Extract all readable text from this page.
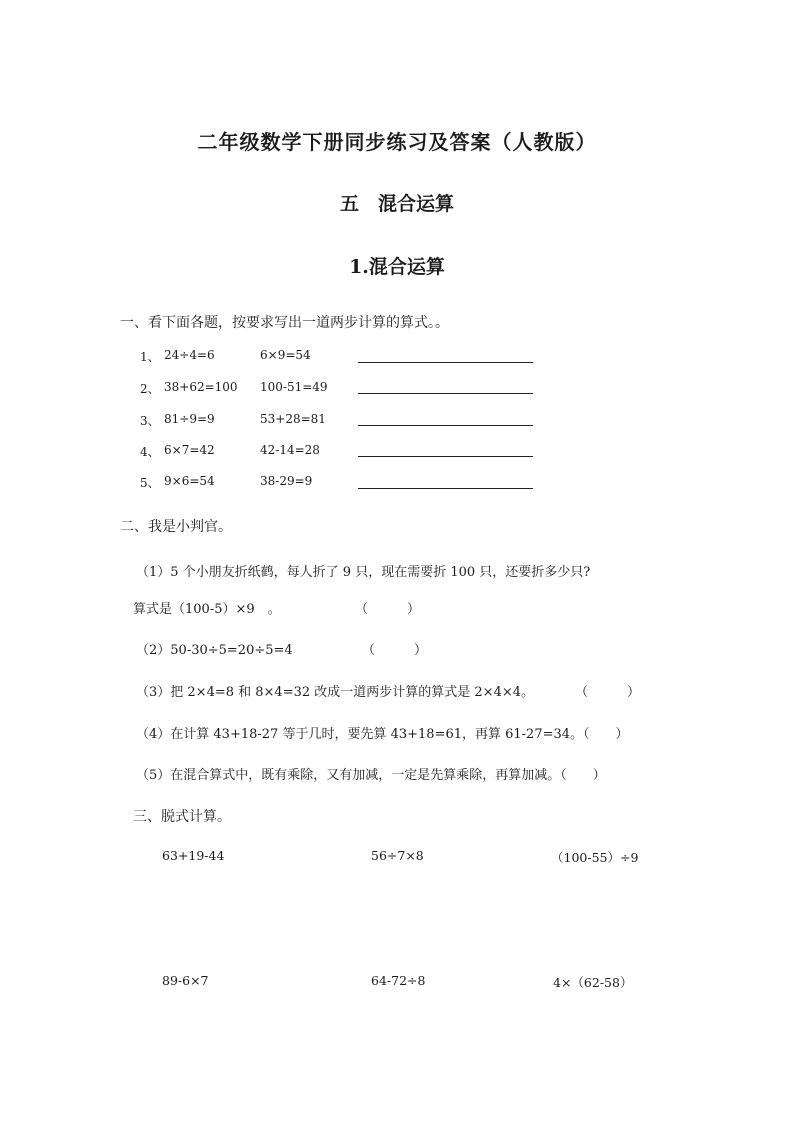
二年级数学下册同步练习及答案（人教版）
五　混合运算
1.混合运算
一、看下面各题，按要求写出一道两步计算的算式。。
1、 24÷4=6	6×9=54
2、 38+62=100 100-51=49
3、 81÷9=9	53+28=81
4、 6×7=42	42-14=28
5、 9×6=54	38-29=9
二、我是小判官。
（1）5 个小朋友折纸鹤，每人折了 9 只，现在需要折 100 只，还要折多少只?
算式是（100-5）×9　。	（　　　）
（2）50-30÷5=20÷5=4	（　　　）
（3）把 2×4=8 和 8×4=32 改成一道两步计算的算式是 2×4×4。	（　　　）
（4）在计算 43+18-27 等于几时，要先算 43+18=61，再算 61-27=34。（　　）
（5）在混合算式中，既有乘除，又有加减，一定是先算乘除，再算加减。（　　）
三、脱式计算。
63+19-44	56÷7×8	（100-55）÷9
89-6×7	64-72÷8	4×（62-58）
